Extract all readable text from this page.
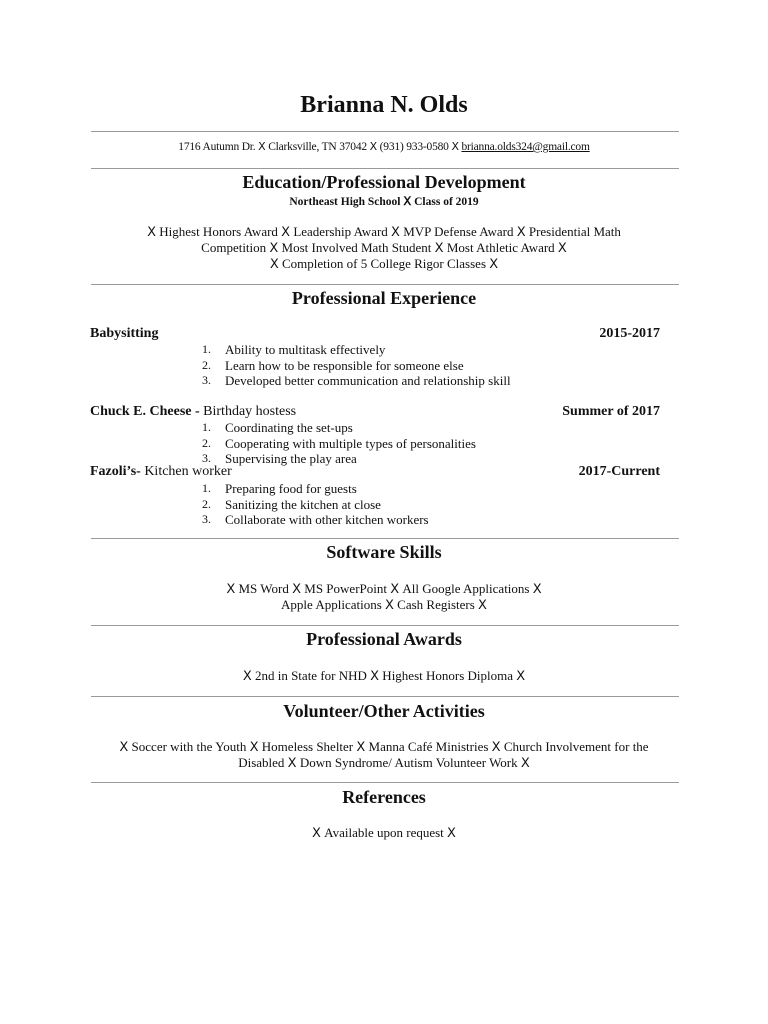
Brianna N. Olds
1716 Autumn Dr. ⵝ Clarksville, TN 37042 ⵝ (931) 933-0580 ⵝ brianna.olds324@gmail.com
Education/Professional Development
Northeast High School ⵝ Class of 2019
ⵝ Highest Honors Award ⵝ Leadership Award ⵝ MVP Defense Award ⵝ Presidential Math
Competition ⵝ Most Involved Math Student ⵝ Most Athletic Award ⵝ
ⵝ Completion of 5 College Rigor Classes ⵝ
Professional Experience
Babysitting	2015-2017
1. Ability to multitask effectively
2. Learn how to be responsible for someone else
3. Developed better communication and relationship skill
Chuck E. Cheese - Birthday hostess	Summer of 2017
1. Coordinating the set-ups
2. Cooperating with multiple types of personalities
3. Supervising the play area
Fazoli’s- Kitchen worker	2017-Current
1. Preparing food for guests
2. Sanitizing the kitchen at close
3. Collaborate with other kitchen workers
Software Skills
ⵝ MS Word ⵝ MS PowerPoint ⵝ All Google Applications ⵝ
Apple Applications ⵝ Cash Registers ⵝ
Professional Awards
ⵝ 2nd in State for NHD ⵝ Highest Honors Diploma ⵝ
Volunteer/Other Activities
ⵝ Soccer with the Youth ⵝ Homeless Shelter ⵝ Manna Café Ministries ⵝ Church Involvement for the
Disabled ⵝ Down Syndrome/ Autism Volunteer Work ⵝ
References
ⵝ Available upon request ⵝ
